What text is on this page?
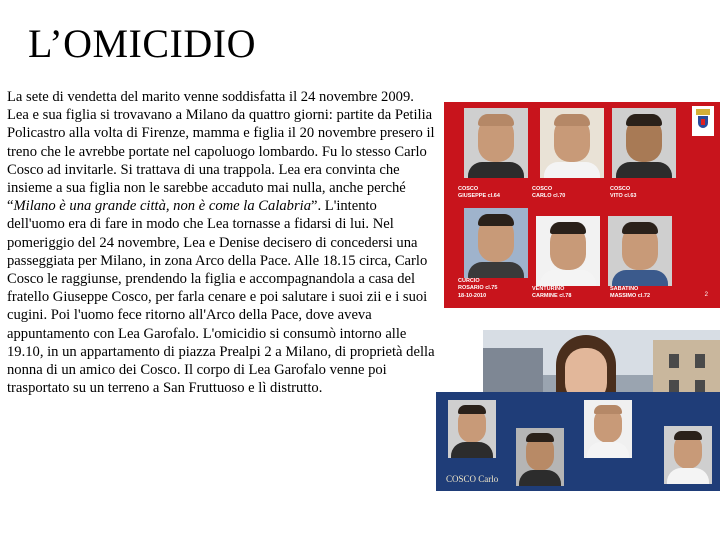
L’OMICIDIO

La sete di vendetta del marito venne soddisfatta il 24 novembre 2009. Lea e sua figlia si trovavano a Milano da quattro giorni: partite da Petilia Policastro alla volta di Firenze, mamma e figlia il 20 novembre presero il treno che le avrebbe portate nel capoluogo lombardo. Fu lo stesso Carlo Cosco ad invitarle. Si trattava di una trappola. Lea era convinta che insieme a sua figlia non le sarebbe accaduto mai nulla, anche perché “Milano è una grande città, non è come la Calabria”. L'intento dell'uomo era di fare in modo che Lea tornasse a fidarsi di lui. Nel pomeriggio del 24 novembre, Lea e Denise decisero di concedersi una passeggiata per Milano, in zona Arco della Pace. Alle 18.15 circa, Carlo Cosco le raggiunse, prendendo la figlia e accompagnandola a casa del fratello Giuseppe Cosco, per farla cenare e poi salutare i suoi zii e i suoi cugini. Poi l'uomo fece ritorno all'Arco della Pace, dove aveva appuntamento con Lea Garofalo. L'omicidio si consumò intorno alle 19.10, in un appartamento di piazza Prealpi 2 a Milano, di proprietà della nonna di un amico dei Cosco. Il corpo di Lea Garofalo venne poi trasportato su un terreno a San Fruttuoso e lì distrutto.

COSCO
GIUSEPPE cl.64
COSCO
CARLO cl.70
COSCO
VITO cl.63
CURCIO
ROSARIO cl.75
18-10-2010
VENTURINO
CARMINE cl.78
SABATINO
MASSIMO cl.72	2
COSCO Carlo
